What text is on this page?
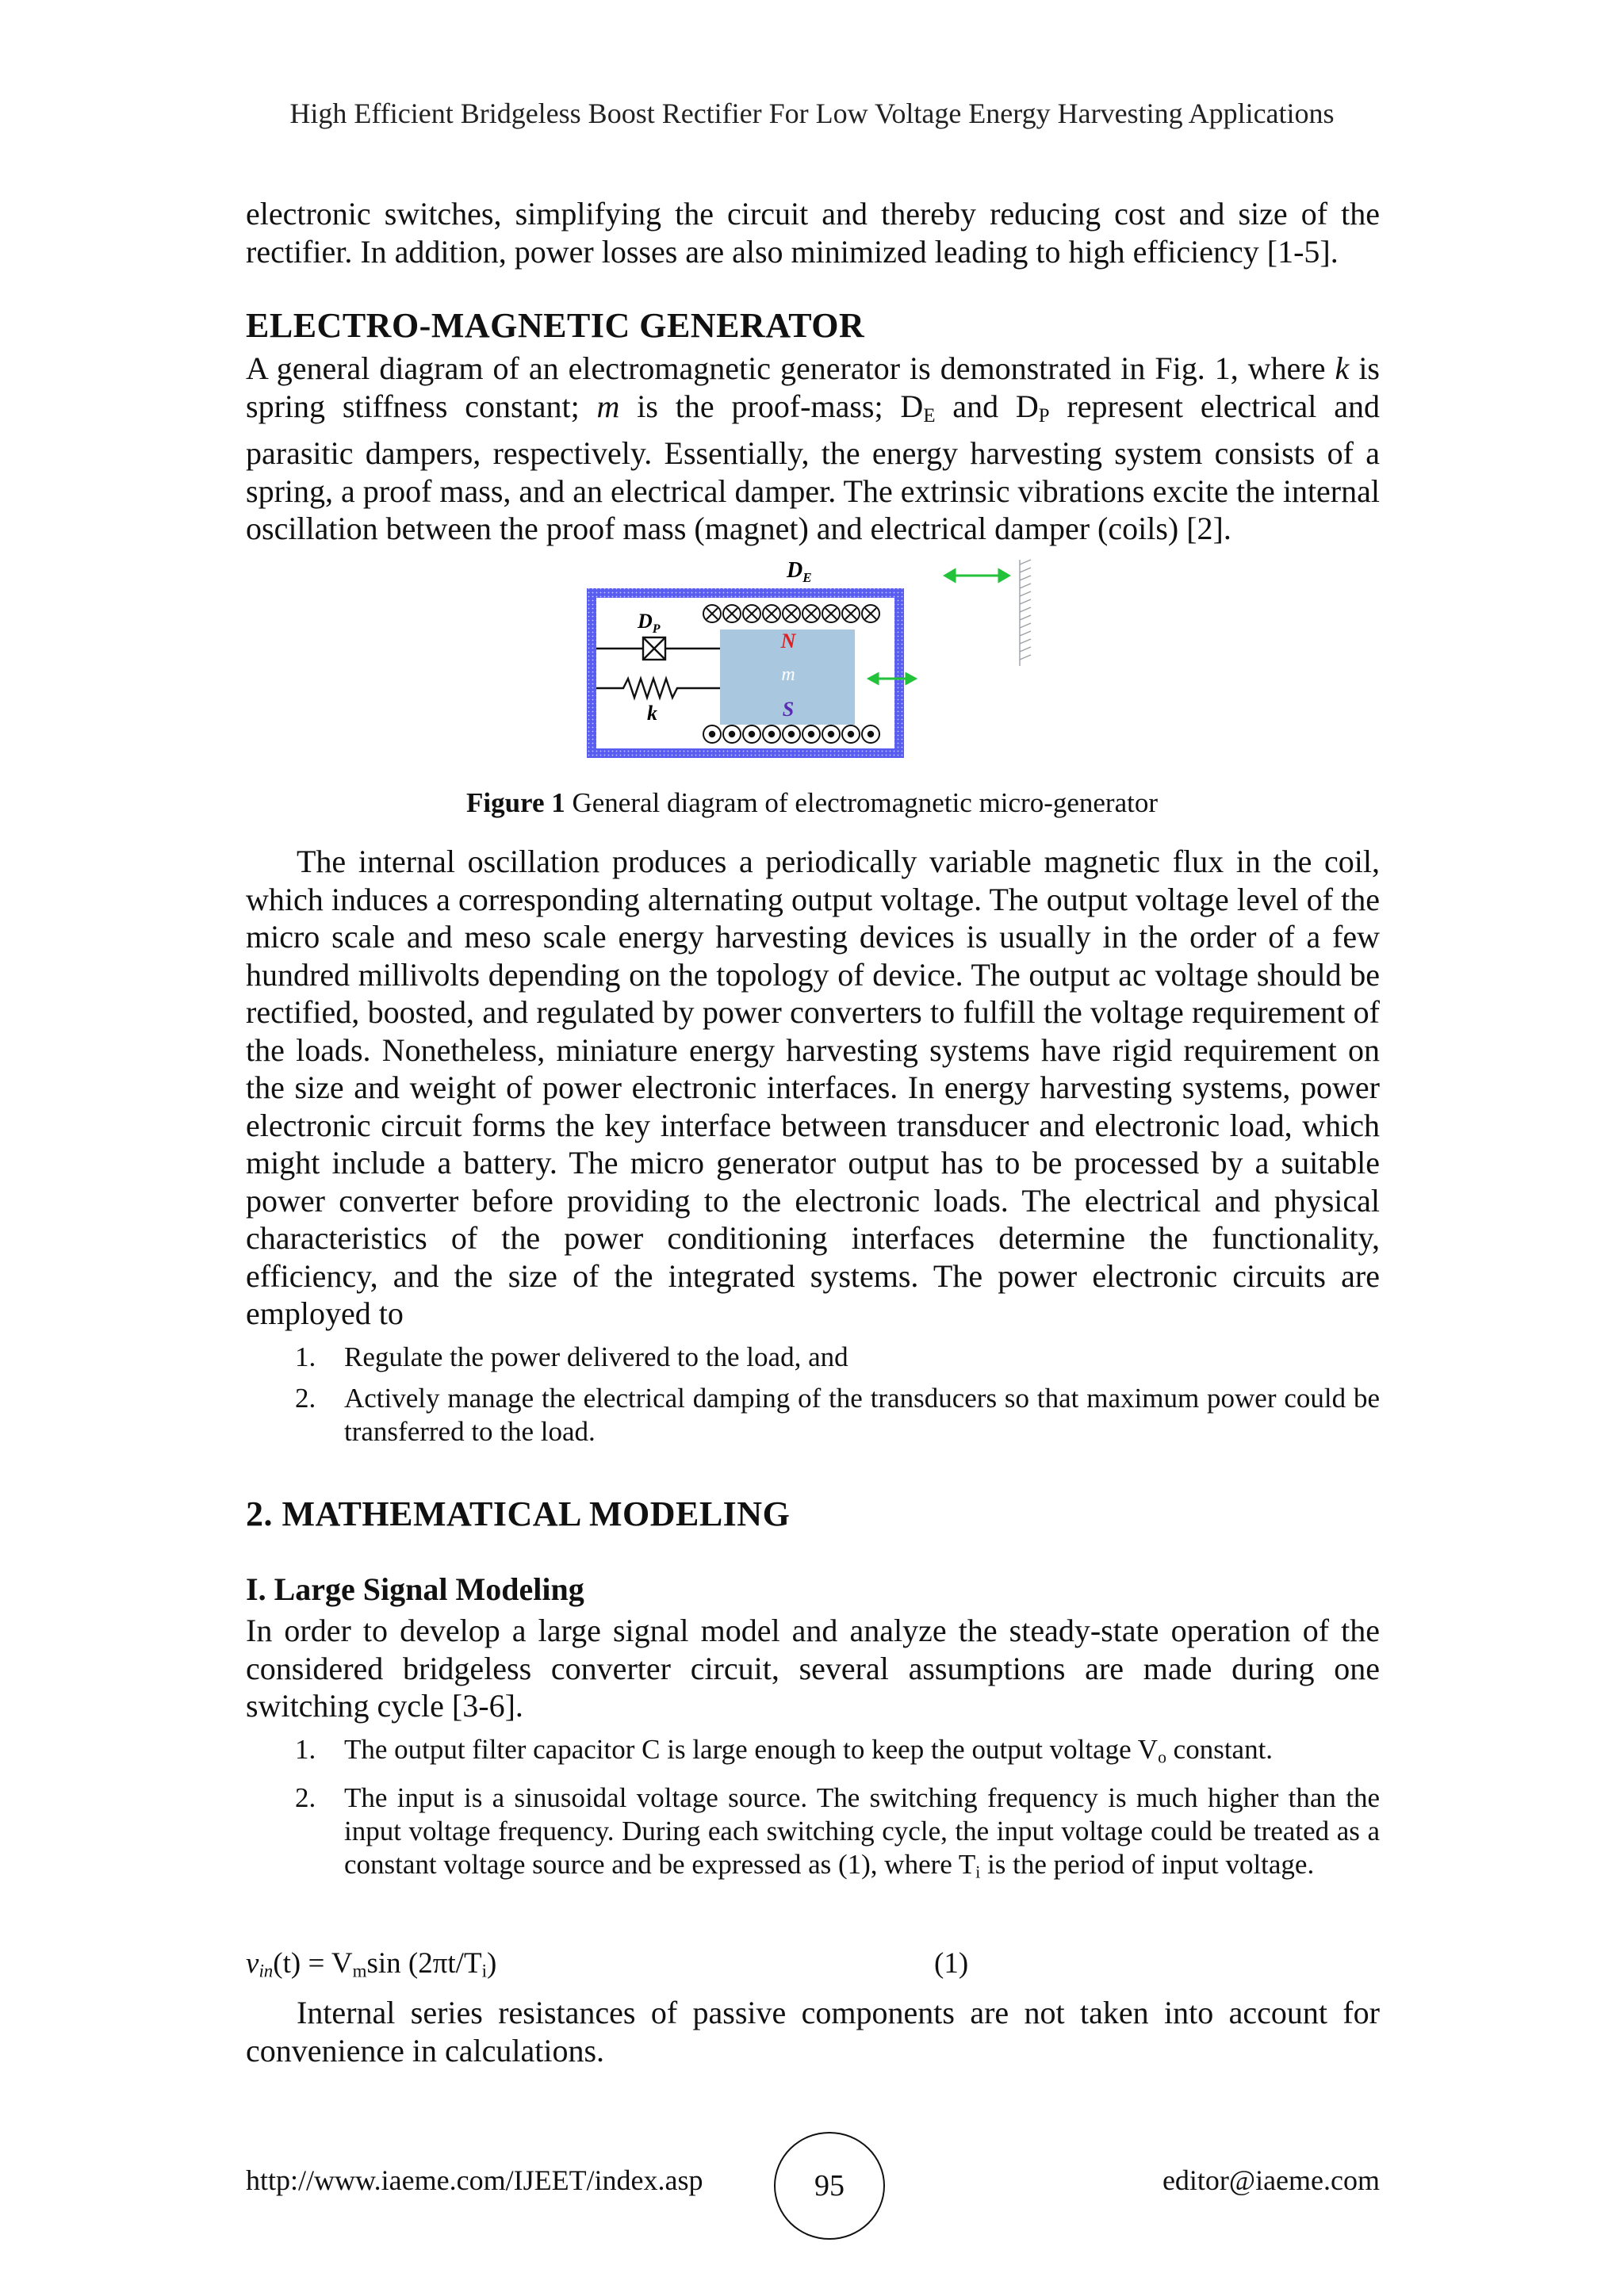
High Efficient Bridgeless Boost Rectifier For Low Voltage Energy Harvesting Applications

electronic switches, simplifying the circuit and thereby reducing cost and size of the rectifier. In addition, power losses are also minimized leading to high efficiency [1-5].

ELECTRO-MAGNETIC GENERATOR

A general diagram of an electromagnetic generator is demonstrated in Fig. 1, where k is spring stiffness constant; m is the proof-mass; $D_E$ and $D_P$ represent electrical and parasitic dampers, respectively. Essentially, the energy harvesting system consists of a spring, a proof mass, and an electrical damper. The extrinsic vibrations excite the internal oscillation between the proof mass (magnet) and electrical damper (coils) [2].

$D_E$
N
m
S
$D_P$
k
Figure 1 General diagram of electromagnetic micro-generator

The internal oscillation produces a periodically variable magnetic flux in the coil, which induces a corresponding alternating output voltage. The output voltage level of the micro scale and meso scale energy harvesting devices is usually in the order of a few hundred millivolts depending on the topology of device. The output ac voltage should be rectified, boosted, and regulated by power converters to fulfill the voltage requirement of the loads. Nonetheless, miniature energy harvesting systems have rigid requirement on the size and weight of power electronic interfaces. In energy harvesting systems, power electronic circuit forms the key interface between transducer and electronic load, which might include a battery. The micro generator output has to be processed by a suitable power converter before providing to the electronic loads. The electrical and physical characteristics of the power conditioning interfaces determine the functionality, efficiency, and the size of the integrated systems. The power electronic circuits are employed to

1. Regulate the power delivered to the load, and
2. Actively manage the electrical damping of the transducers so that maximum power could be transferred to the load.
2. MATHEMATICAL MODELING
I. Large Signal Modeling

In order to develop a large signal model and analyze the steady-state operation of the considered bridgeless converter circuit, several assumptions are made during one switching cycle [3-6].

1. The output filter capacitor C is large enough to keep the output voltage $V_o$ constant.
2. The input is a sinusoidal voltage source. The switching frequency is much higher than the input voltage frequency. During each switching cycle, the input voltage could be treated as a constant voltage source and be expressed as (1), where $T_i$ is the period of input voltage.
$v_{in}(t) = V_m\sin$ $(2\pi t/T_i)$	(1)

Internal series resistances of passive components are not taken into account for convenience in calculations.

http://www.iaeme.com/IJEET/index.asp	95	editor@iaeme.com
